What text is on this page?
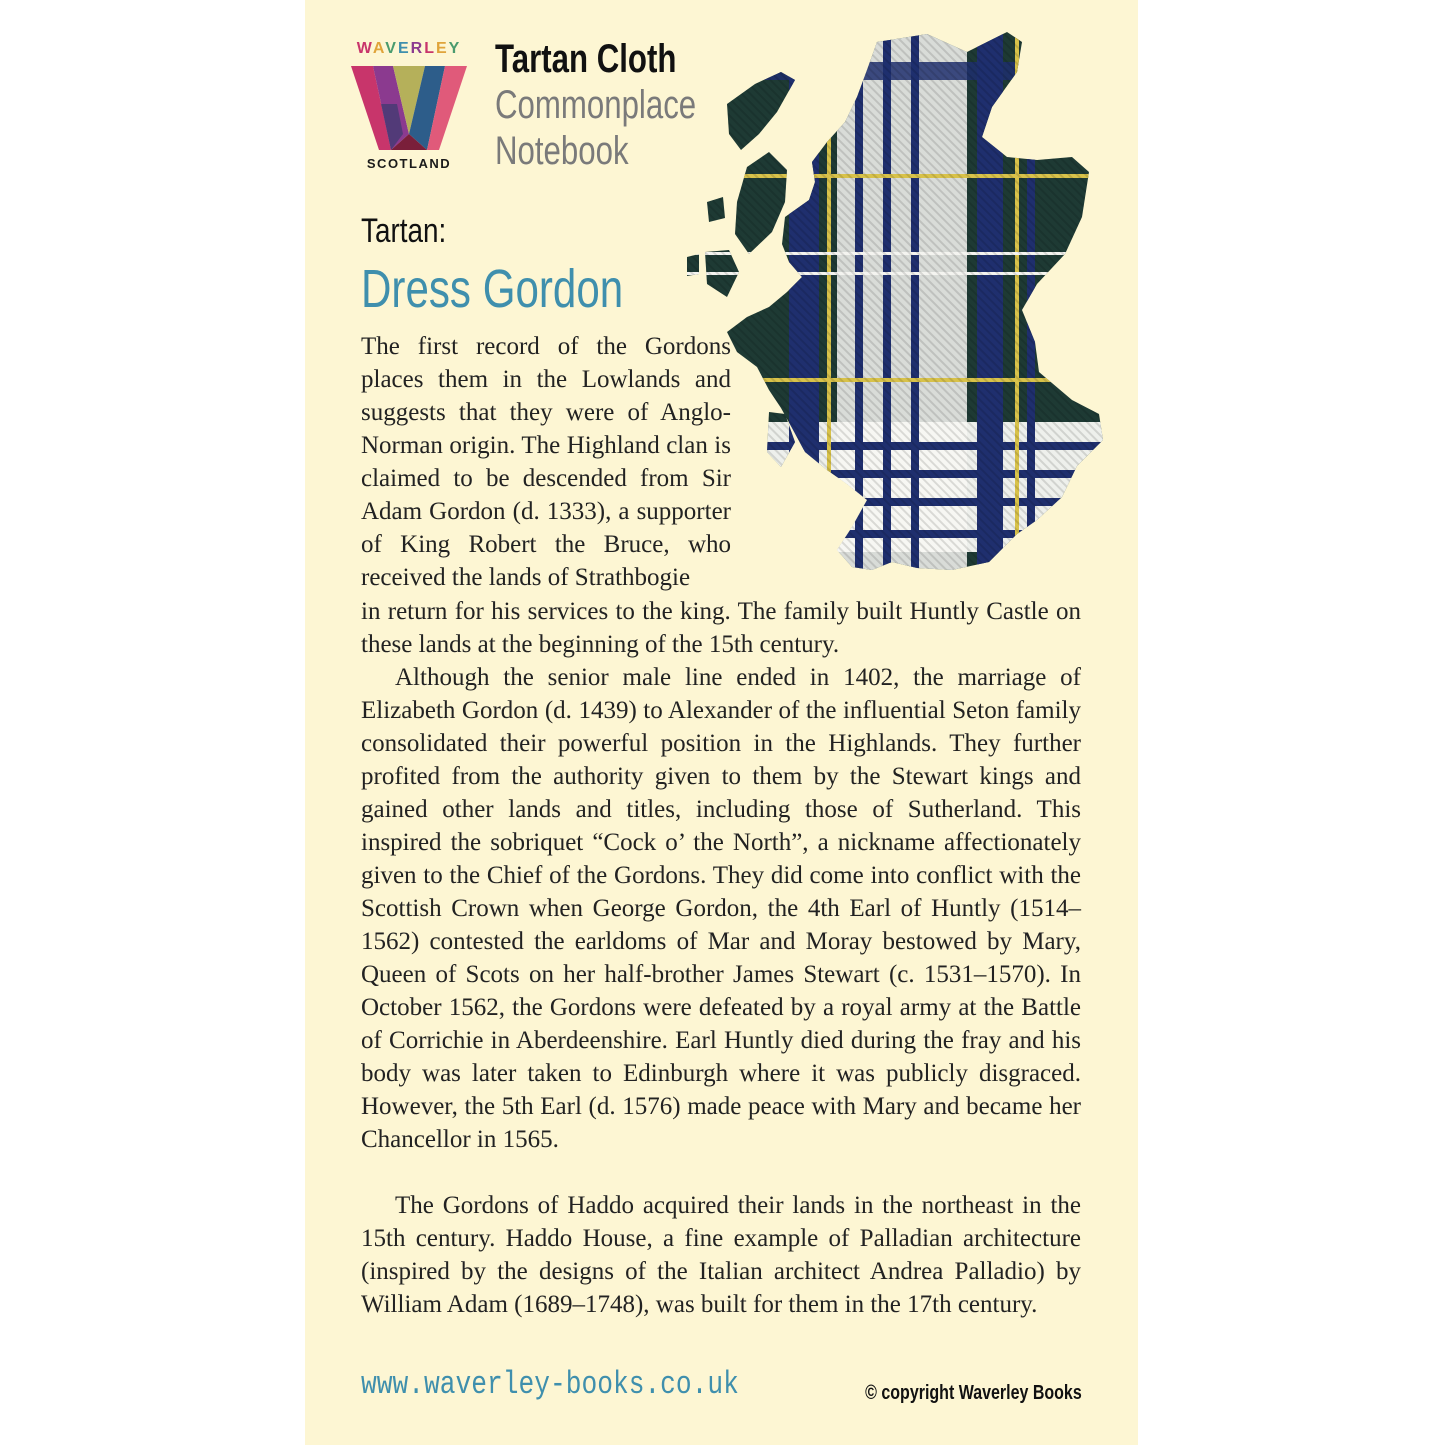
WAVERLEY
SCOTLAND
Tartan Cloth
Commonplace
Notebook
Tartan:
Dress Gordon

The first record of the Gordons places them in the Lowlands and suggests that they were of Anglo-Norman origin. The Highland clan is claimed to be descended from Sir Adam Gordon (d. 1333), a supporter of King Robert the Bruce, who received the lands of Strathbogie

in return for his services to the king. The family built Huntly Castle on these lands at the beginning of the 15th century.

Although the senior male line ended in 1402, the marriage of Elizabeth Gordon (d. 1439) to Alexander of the influential Seton family consolidated their powerful position in the Highlands. They further profited from the authority given to them by the Stewart kings and gained other lands and titles, including those of Sutherland. This inspired the sobriquet “Cock o’ the North”, a nickname affectionately given to the Chief of the Gordons. They did come into conflict with the Scottish Crown when George Gordon, the 4th Earl of Huntly (1514–1562) contested the earldoms of Mar and Moray bestowed by Mary, Queen of Scots on her half-brother James Stewart (c. 1531–1570). In October 1562, the Gordons were defeated by a royal army at the Battle of Corrichie in Aberdeenshire. Earl Huntly died during the fray and his body was later taken to Edinburgh where it was publicly disgraced. However, the 5th Earl (d. 1576) made peace with Mary and became her Chancellor in 1565.

The Gordons of Haddo acquired their lands in the northeast in the 15th century. Haddo House, a fine example of Palladian architecture (inspired by the designs of the Italian architect Andrea Palladio) by William Adam (1689–1748), was built for them in the 17th century.

www.waverley-books.co.uk	© copyright Waverley Books
